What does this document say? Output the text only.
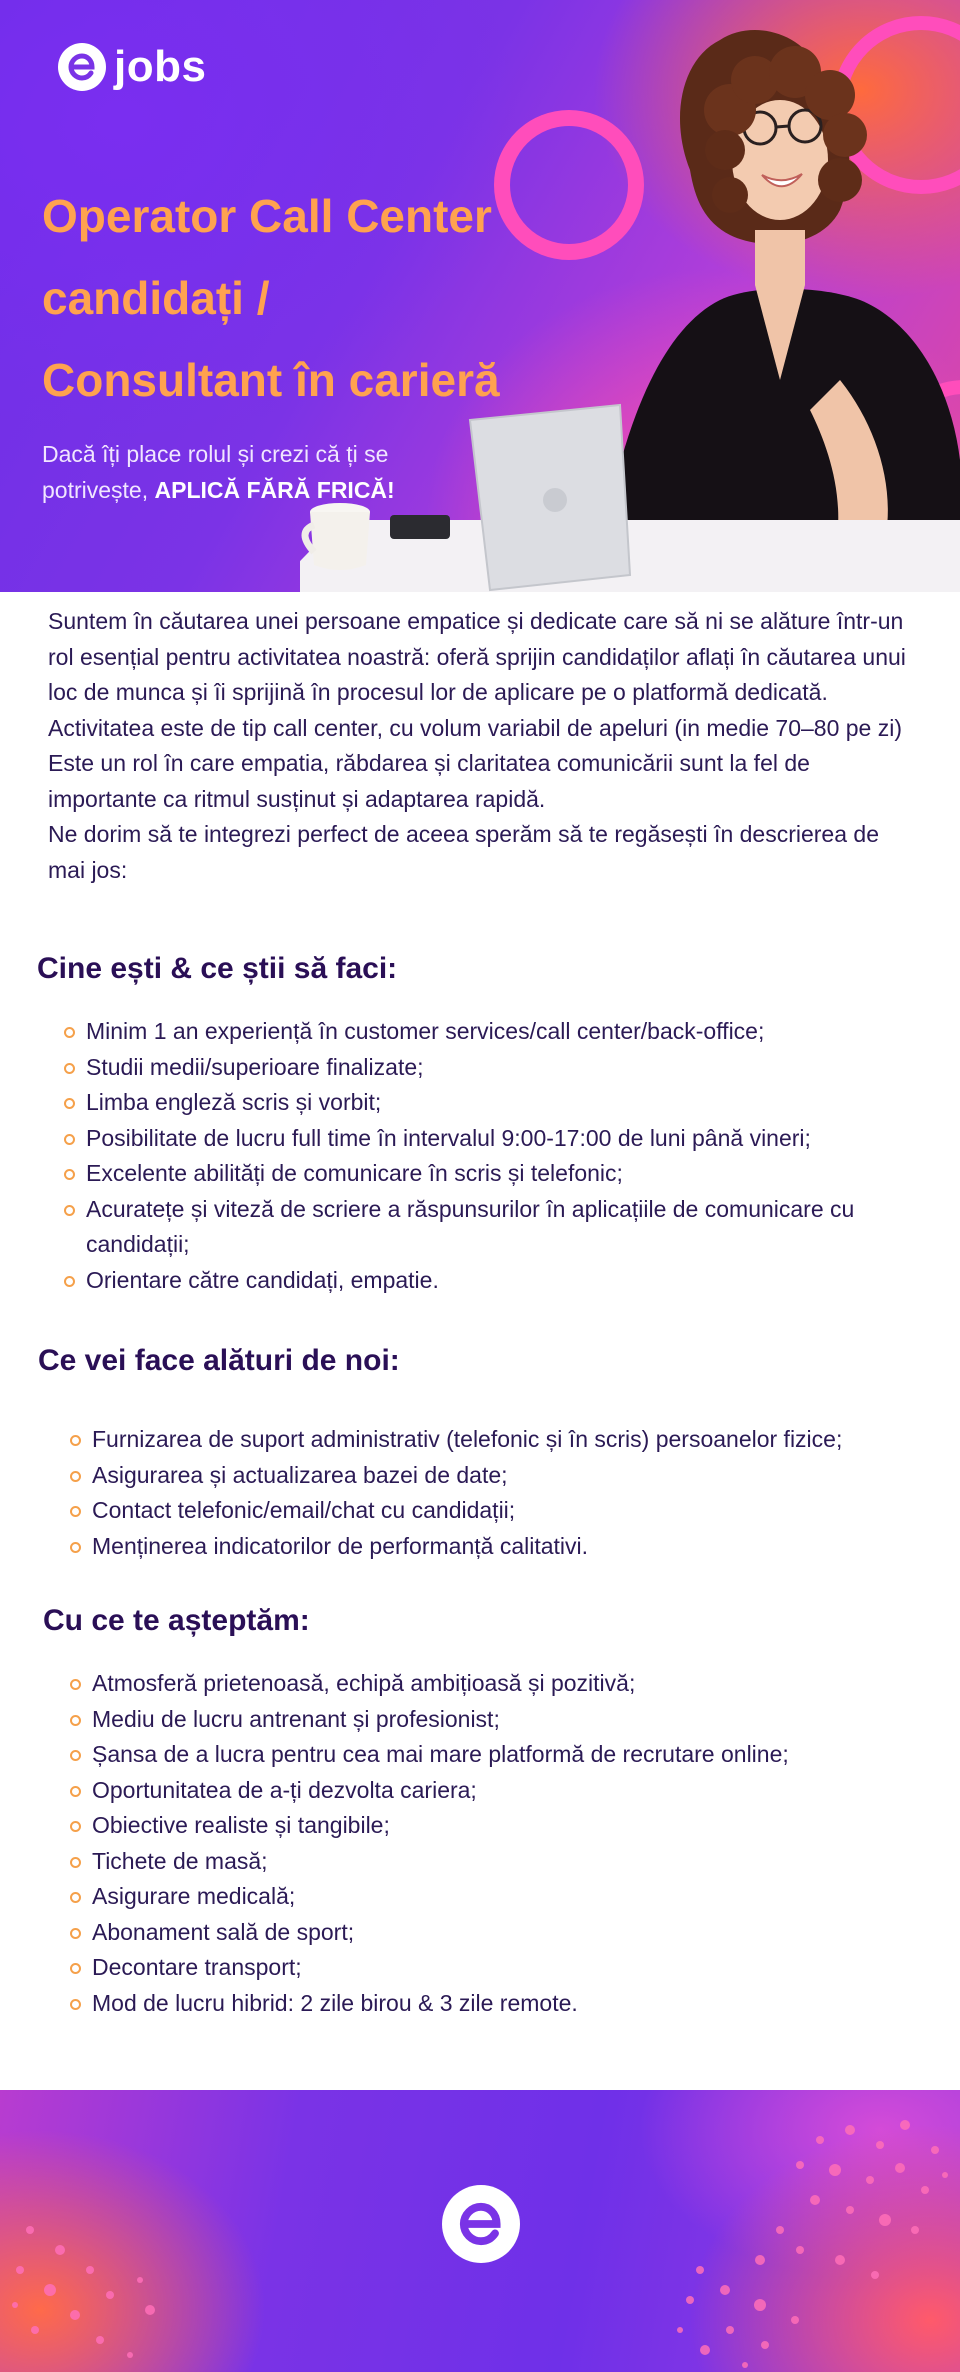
jobs
Operator Call Center
candidați /
Consultant în carieră
Dacă îți place rolul și crezi că ți se potrivește, APLICĂ FĂRĂ FRICĂ!

Suntem în căutarea unei persoane empatice și dedicate care să ni se alăture într-un rol esențial pentru activitatea noastră: oferă sprijin candidaților aflați în căutarea unui loc de munca și îi sprijină în procesul lor de aplicare pe o platformă dedicată. Activitatea este de tip call center, cu volum variabil de apeluri (in medie 70–80 pe zi)

Este un rol în care empatia, răbdarea și claritatea comunicării sunt la fel de importante ca ritmul susținut și adaptarea rapidă.

Ne dorim să te integrezi perfect de aceea sperăm să te regăsești în descrierea de mai jos:

Cine ești & ce știi să faci:
Minim 1 an experiență în customer services/call center/back-office;
Studii medii/superioare finalizate;
Limba engleză scris și vorbit;
Posibilitate de lucru full time în intervalul 9:00-17:00 de luni până vineri;
Excelente abilități de comunicare în scris și telefonic;
Acuratețe și viteză de scriere a răspunsurilor în aplicațiile de comunicare cu candidații;
Orientare către candidați, empatie.
Ce vei face alături de noi:
Furnizarea de suport administrativ (telefonic și în scris) persoanelor fizice;
Asigurarea și actualizarea bazei de date;
Contact telefonic/email/chat cu candidații;
Menținerea indicatorilor de performanță calitativi.
Cu ce te așteptăm:
Atmosferă prietenoasă, echipă ambițioasă și pozitivă;
Mediu de lucru antrenant și profesionist;
Șansa de a lucra pentru cea mai mare platformă de recrutare online;
Oportunitatea de a-ți dezvolta cariera;
Obiective realiste și tangibile;
Tichete de masă;
Asigurare medicală;
Abonament sală de sport;
Decontare transport;
Mod de lucru hibrid: 2 zile birou & 3 zile remote.
